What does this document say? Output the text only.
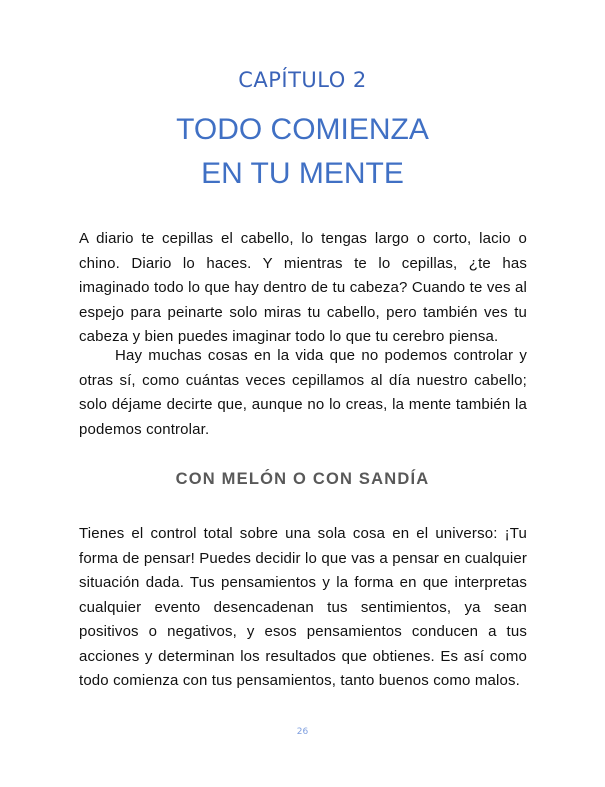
CAPÍTULO 2
TODO COMIENZA
EN TU MENTE

A diario te cepillas el cabello, lo tengas largo o corto, lacio o chino. Diario lo haces. Y mientras te lo cepillas, ¿te has imaginado todo lo que hay dentro de tu cabeza? Cuando te ves al espejo para peinarte solo miras tu cabello, pero también ves tu cabeza y bien puedes imaginar todo lo que tu cerebro piensa.

Hay muchas cosas en la vida que no podemos controlar y otras sí, como cuántas veces cepillamos al día nuestro cabello; solo déjame decirte que, aunque no lo creas, la mente también la podemos controlar.

CON MELÓN O CON SANDÍA

Tienes el control total sobre una sola cosa en el universo: ¡Tu forma de pensar! Puedes decidir lo que vas a pensar en cualquier situación dada. Tus pensamientos y la forma en que interpretas cualquier evento desencadenan tus sentimientos, ya sean positivos o negativos, y esos pensamientos conducen a tus acciones y determinan los resultados que obtienes. Es así como todo comienza con tus pensamientos, tanto buenos como malos.

26
